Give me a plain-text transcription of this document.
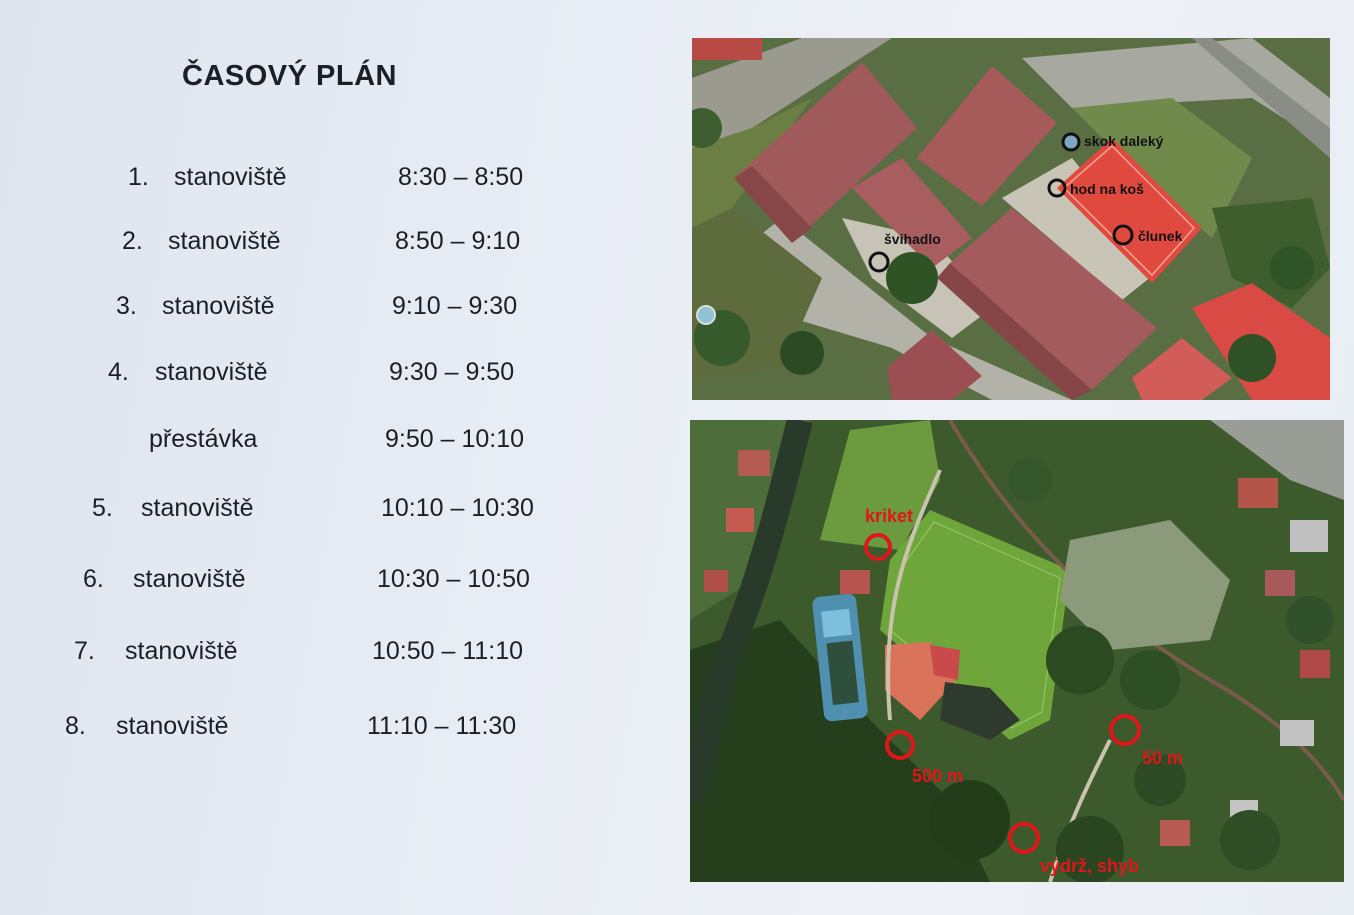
ČASOVÝ PLÁN
1. stanoviště	8:30 – 8:50
2. stanoviště	8:50 – 9:10
3. stanoviště	9:10 – 9:30
4. stanoviště	9:30 – 9:50
přestávka	9:50 – 10:10
5. stanoviště	10:10 – 10:30
6. stanoviště	10:30 – 10:50
7. stanoviště	10:50 – 11:10
8. stanoviště	11:10 – 11:30
skok daleký
hod na koš
člunek
švihadlo
kriket
500 m
50 m
výdrž, shyb
